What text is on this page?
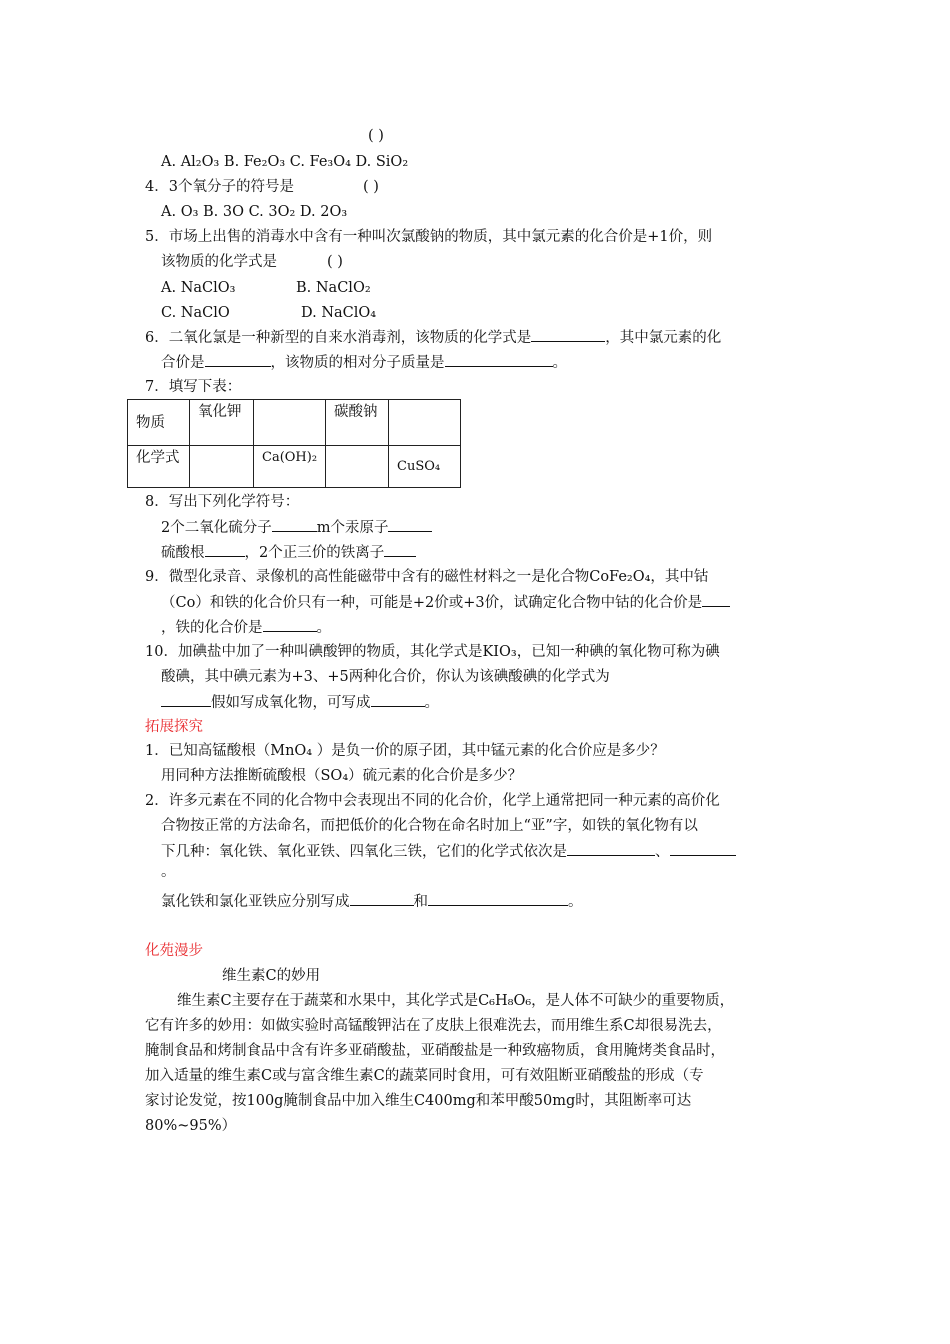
( )
A. Al₂O₃ B. Fe₂O₃ C. Fe₃O₄ D. SiO₂
4．3个氧分子的符号是	( )
A. O₃ B. 3O C. 3O₂ D. 2O₃
5．市场上出售的消毒水中含有一种叫次氯酸钠的物质，其中氯元素的化合价是+1价，则
该物质的化学式是	( )
A. NaClO₃	B. NaClO₂
C. NaClO	D. NaClO₄
6．二氧化氯是一种新型的自来水消毒剂，该物质的化学式是	，其中氯元素的化
合价是	，该物质的相对分子质量是	。
7．填写下表：
物质	氧化钾		碳酸钠	
化学式		Ca(OH)₂		CuSO₄
8．写出下列化学符号：
2个二氧化硫分子	m个汞原子
硫酸根	，2个正三价的铁离子
9．微型化录音、录像机的高性能磁带中含有的磁性材料之一是化合物CoFe₂O₄，其中钴
（Co）和铁的化合价只有一种，可能是+2价或+3价，试确定化合物中钴的化合价是
，铁的化合价是	。
10．加碘盐中加了一种叫碘酸钾的物质，其化学式是KIO₃，已知一种碘的氧化物可称为碘
酸碘，其中碘元素为+3、+5两种化合价，你认为该碘酸碘的化学式为
假如写成氧化物，可写成	。
拓展探究
1．已知高锰酸根（MnO₄ ）是负一价的原子团，其中锰元素的化合价应是多少？
用同种方法推断硫酸根（SO₄）硫元素的化合价是多少？
2．许多元素在不同的化合物中会表现出不同的化合价，化学上通常把同一种元素的高价化
合物按正常的方法命名，而把低价的化合物在命名时加上“亚”字，如铁的氧化物有以
下几种：氧化铁、氧化亚铁、四氧化三铁，它们的化学式依次是	、
。
氯化铁和氯化亚铁应分别写成	和	。
化苑漫步
维生素C的妙用
维生素C主要存在于蔬菜和水果中，其化学式是C₆H₈O₆，是人体不可缺少的重要物质，
它有许多的妙用：如做实验时高锰酸钾沾在了皮肤上很难洗去，而用维生系C却很易洗去，
腌制食品和烤制食品中含有许多亚硝酸盐，亚硝酸盐是一种致癌物质，食用腌烤类食品时，
加入适量的维生素C或与富含维生素C的蔬菜同时食用，可有效阻断亚硝酸盐的形成（专
家讨论发觉，按100g腌制食品中加入维生C400mg和苯甲酸50mg时，其阻断率可达
80%~95%）
